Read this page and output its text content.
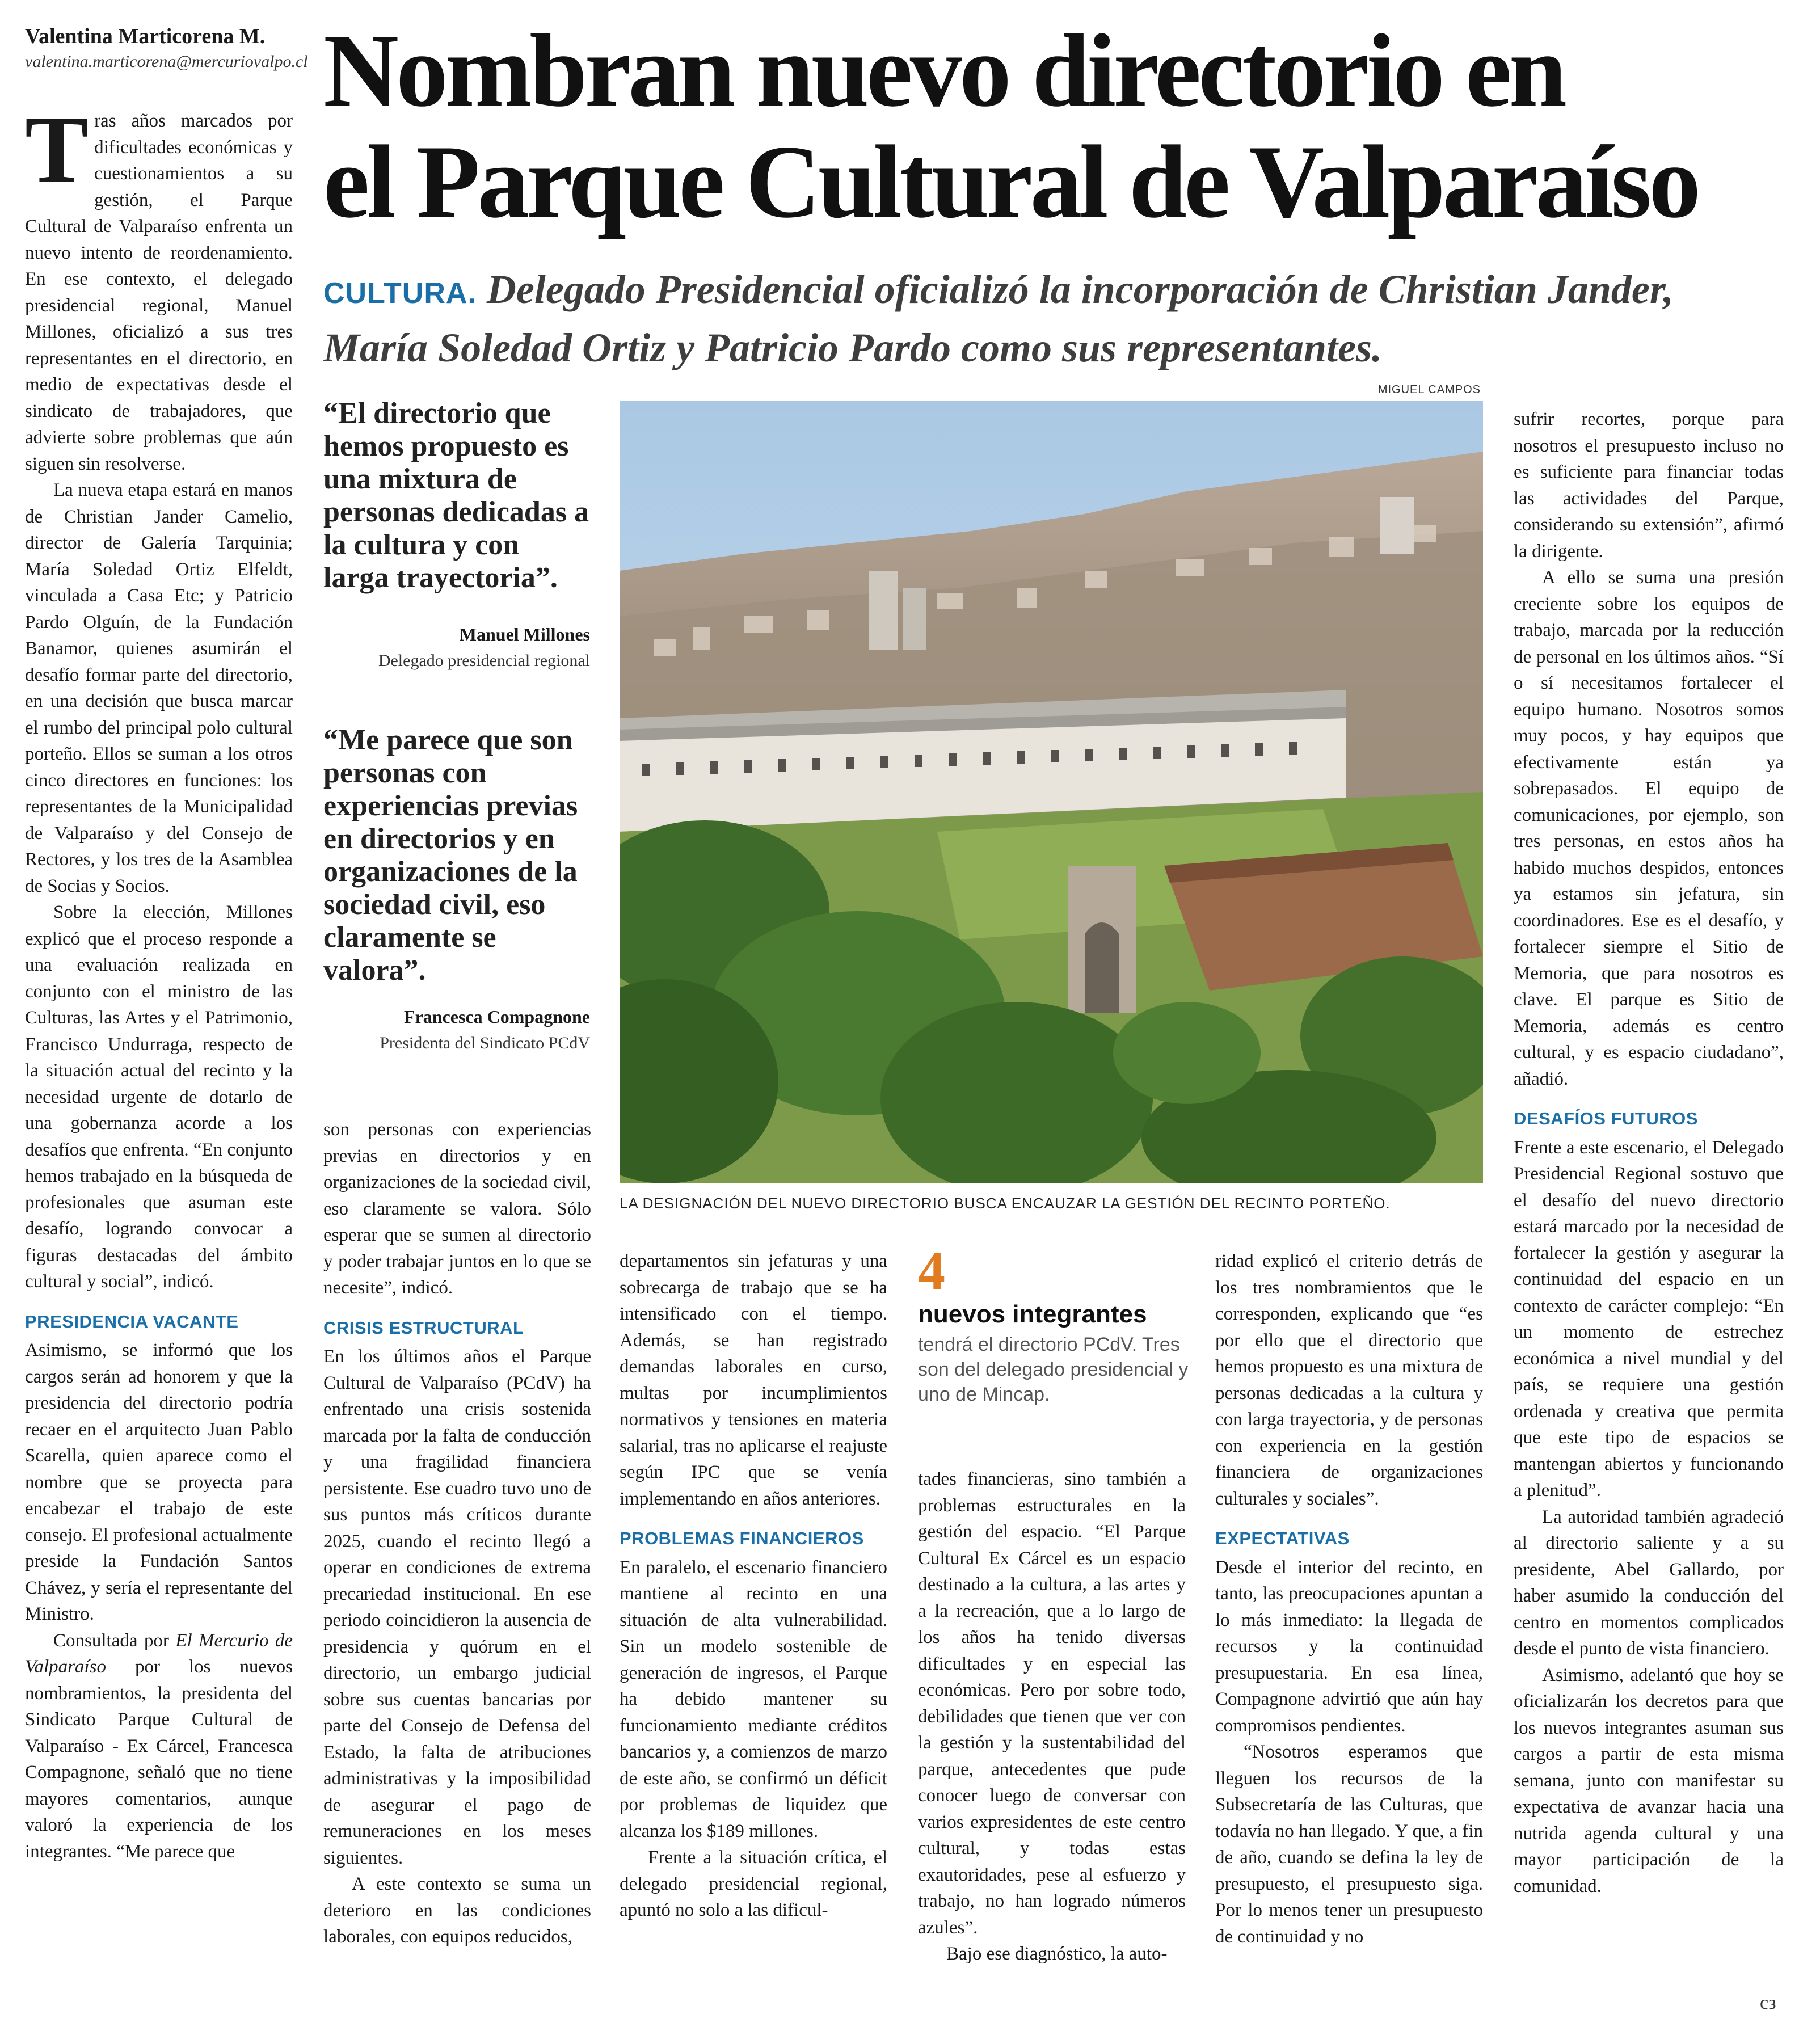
Valentina Marticorena M.
valentina.marticorena@mercuriovalpo.cl Nombran nuevo directorio en
el Parque Cultural de Valparaíso
CULTURA. Delegado Presidencial oficializó la incorporación de Christian Jander,
María Soledad Ortiz y Patricio Pardo como sus representantes.

Tras años marcados por dificultades económicas y cuestionamientos a su gestión, el Parque Cultural de Valparaíso enfrenta un nuevo intento de reordenamiento. En ese contexto, el delegado presidencial regional, Manuel Millones, oficializó a sus tres representantes en el directorio, en medio de expectativas desde el sindicato de trabajadores, que advierte sobre problemas que aún siguen sin resolverse.

La nueva etapa estará en manos de Christian Jander Camelio, director de Galería Tarquinia; María Soledad Ortiz Elfeldt, vinculada a Casa Etc; y Patricio Pardo Olguín, de la Fundación Banamor, quienes asumirán el desafío formar parte del directorio, en una decisión que busca marcar el rumbo del principal polo cultural porteño. Ellos se suman a los otros cinco directores en funciones: los representantes de la Municipalidad de Valparaíso y del Consejo de Rectores, y los tres de la Asamblea de Socias y Socios.

Sobre la elección, Millones explicó que el proceso responde a una evaluación realizada en conjunto con el ministro de las Culturas, las Artes y el Patrimonio, Francisco Undurraga, respecto de la situación actual del recinto y la necesidad urgente de dotarlo de una gobernanza acorde a los desafíos que enfrenta. “En conjunto hemos trabajado en la búsqueda de profesionales que asuman este desafío, logrando convocar a figuras destacadas del ámbito cultural y social”, indicó.

PRESIDENCIA VACANTE

Asimismo, se informó que los cargos serán ad honorem y que la presidencia del directorio podría recaer en el arquitecto Juan Pablo Scarella, quien aparece como el nombre que se proyecta para encabezar el trabajo de este consejo. El profesional actualmente preside la Fundación Santos Chávez, y sería el representante del Ministro.

Consultada por El Mercurio de Valparaíso por los nuevos nombramientos, la presidenta del Sindicato Parque Cultural de Valparaíso - Ex Cárcel, Francesca Compagnone, señaló que no tiene mayores comentarios, aunque valoró la experiencia de los integrantes. “Me parece que

“El directorio que hemos propuesto es una mixtura de personas dedicadas a la cultura y con larga trayectoria”.
Manuel Millones
Delegado presidencial regional
“Me parece que son personas con experiencias previas en directorios y en organizaciones de la sociedad civil, eso claramente se valora”.
Francesca Compagnone
Presidenta del Sindicato PCdV
MIGUEL CAMPOS
LA DESIGNACIÓN DEL NUEVO DIRECTORIO BUSCA ENCAUZAR LA GESTIÓN DEL RECINTO PORTEÑO.

son personas con experiencias previas en directorios y en organizaciones de la sociedad civil, eso claramente se valora. Sólo esperar que se sumen al directorio y poder trabajar juntos en lo que se necesite”, indicó.

CRISIS ESTRUCTURAL

En los últimos años el Parque Cultural de Valparaíso (PCdV) ha enfrentado una crisis sostenida marcada por la falta de conducción y una fragilidad financiera persistente. Ese cuadro tuvo uno de sus puntos más críticos durante 2025, cuando el recinto llegó a operar en condiciones de extrema precariedad institucional. En ese periodo coincidieron la ausencia de presidencia y quórum en el directorio, un embargo judicial sobre sus cuentas bancarias por parte del Consejo de Defensa del Estado, la falta de atribuciones administrativas y la imposibilidad de asegurar el pago de remuneraciones en los meses siguientes.

A este contexto se suma un deterioro en las condiciones laborales, con equipos reducidos,

departamentos sin jefaturas y una sobrecarga de trabajo que se ha intensificado con el tiempo. Además, se han registrado demandas laborales en curso, multas por incumplimientos normativos y tensiones en materia salarial, tras no aplicarse el reajuste según IPC que se venía implementando en años anteriores.

PROBLEMAS FINANCIEROS

En paralelo, el escenario financiero mantiene al recinto en una situación de alta vulnerabilidad. Sin un modelo sostenible de generación de ingresos, el Parque ha debido mantener su funcionamiento mediante créditos bancarios y, a comienzos de marzo de este año, se confirmó un déficit por problemas de liquidez que alcanza los $189 millones.

Frente a la situación crítica, el delegado presidencial regional, apuntó no solo a las dificul-

4
nuevos integrantes
tendrá el directorio PCdV. Tres son del delegado presidencial y uno de Mincap.

tades financieras, sino también a problemas estructurales en la gestión del espacio. “El Parque Cultural Ex Cárcel es un espacio destinado a la cultura, a las artes y a la recreación, que a lo largo de los años ha tenido diversas dificultades y en especial las económicas. Pero por sobre todo, debilidades que tienen que ver con la gestión y la sustentabilidad del parque, antecedentes que pude conocer luego de conversar con varios expresidentes de este centro cultural, y todas estas exautoridades, pese al esfuerzo y trabajo, no han logrado números azules”.

Bajo ese diagnóstico, la auto-

ridad explicó el criterio detrás de los tres nombramientos que le corresponden, explicando que “es por ello que el directorio que hemos propuesto es una mixtura de personas dedicadas a la cultura y con larga trayectoria, y de personas con experiencia en la gestión financiera de organizaciones culturales y sociales”.

EXPECTATIVAS

Desde el interior del recinto, en tanto, las preocupaciones apuntan a lo más inmediato: la llegada de recursos y la continuidad presupuestaria. En esa línea, Compagnone advirtió que aún hay compromisos pendientes.

“Nosotros esperamos que lleguen los recursos de la Subsecretaría de las Culturas, que todavía no han llegado. Y que, a fin de año, cuando se defina la ley de presupuesto, el presupuesto siga. Por lo menos tener un presupuesto de continuidad y no

sufrir recortes, porque para nosotros el presupuesto incluso no es suficiente para financiar todas las actividades del Parque, considerando su extensión”, afirmó la dirigente.

A ello se suma una presión creciente sobre los equipos de trabajo, marcada por la reducción de personal en los últimos años. “Sí o sí necesitamos fortalecer el equipo humano. Nosotros somos muy pocos, y hay equipos que efectivamente están ya sobrepasados. El equipo de comunicaciones, por ejemplo, son tres personas, en estos años ha habido muchos despidos, entonces ya estamos sin jefatura, sin coordinadores. Ese es el desafío, y fortalecer siempre el Sitio de Memoria, que para nosotros es clave. El parque es Sitio de Memoria, además es centro cultural, y es espacio ciudadano”, añadió.

DESAFÍOS FUTUROS

Frente a este escenario, el Delegado Presidencial Regional sostuvo que el desafío del nuevo directorio estará marcado por la necesidad de fortalecer la gestión y asegurar la continuidad del espacio en un contexto de carácter complejo: “En un momento de estrechez económica a nivel mundial y del país, se requiere una gestión ordenada y creativa que permita que este tipo de espacios se mantengan abiertos y funcionando a plenitud”.

La autoridad también agradeció al directorio saliente y a su presidente, Abel Gallardo, por haber asumido la conducción del centro en momentos complicados desde el punto de vista financiero.

Asimismo, adelantó que hoy se oficializarán los decretos para que los nuevos integrantes asuman sus cargos a partir de esta misma semana, junto con manifestar su expectativa de avanzar hacia una nutrida agenda cultural y una mayor participación de la comunidad.

cз
